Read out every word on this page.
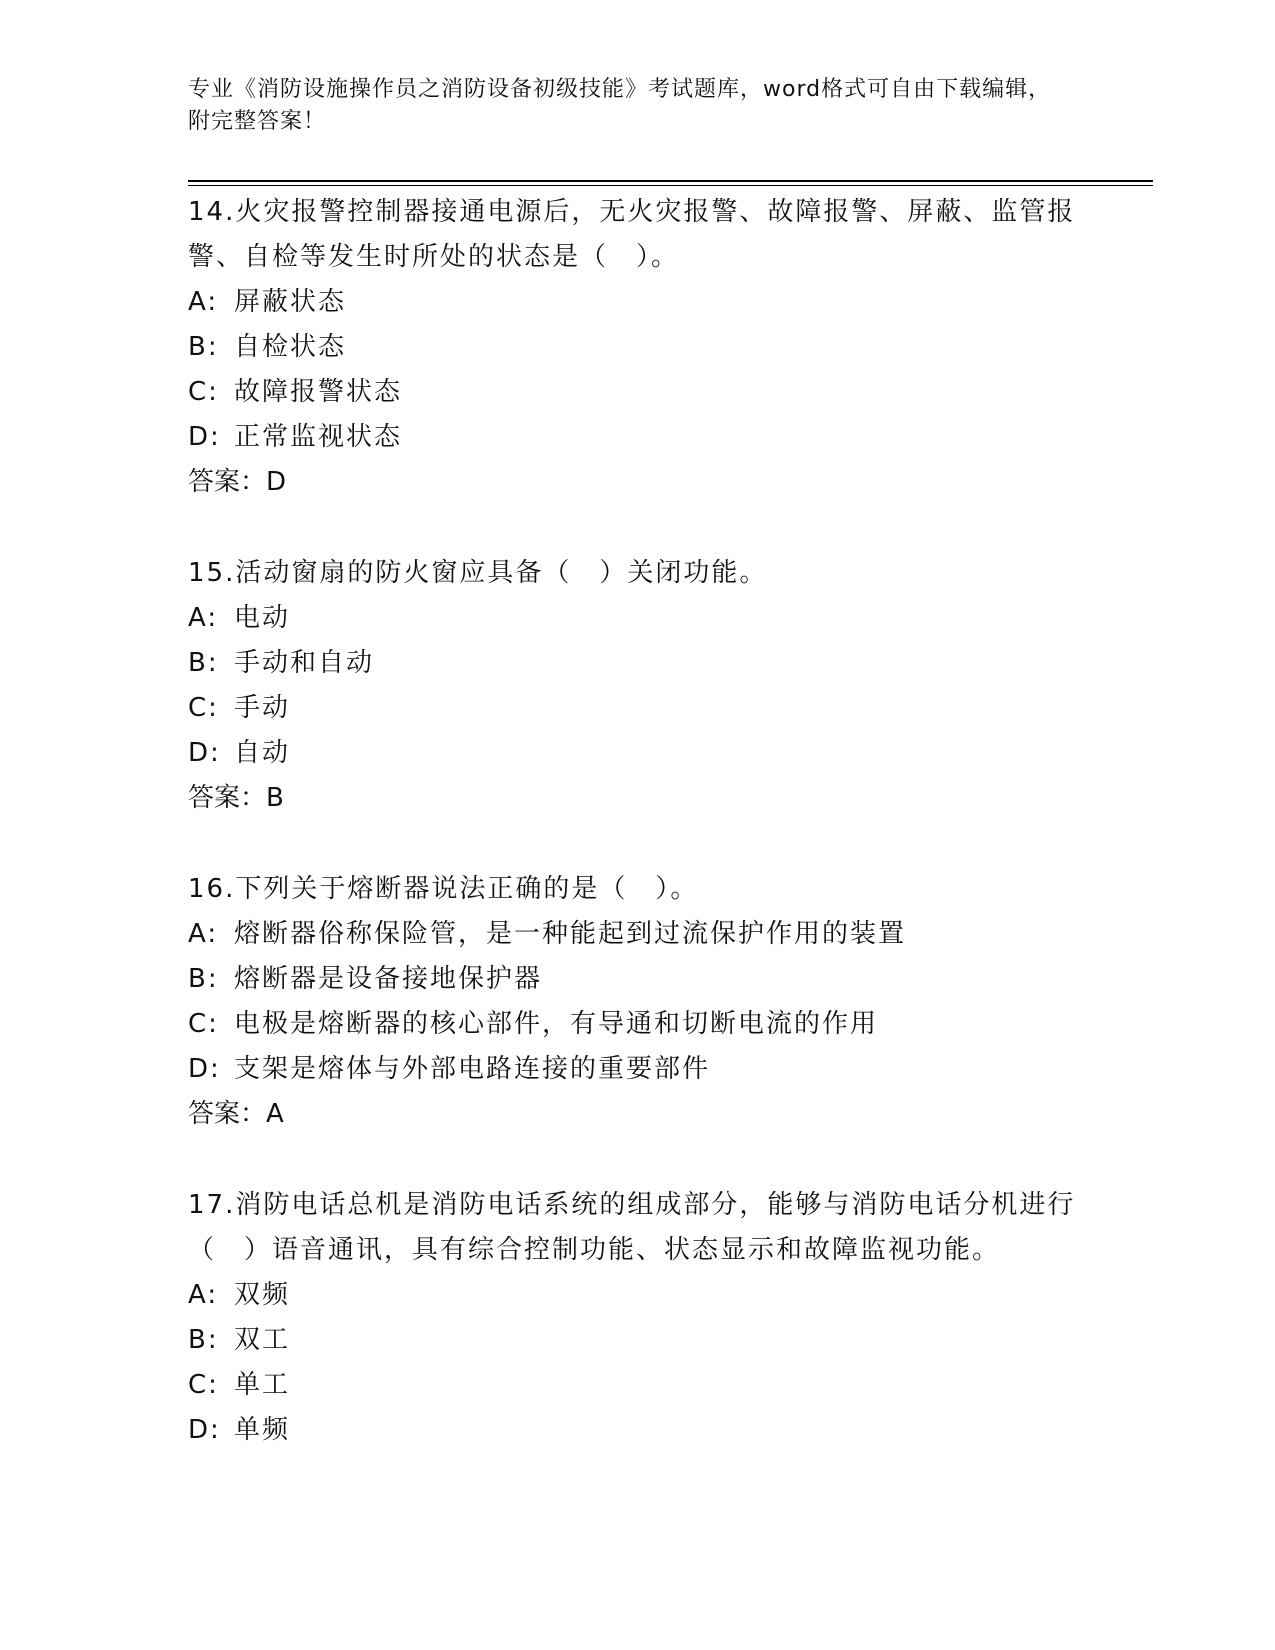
专业《消防设施操作员之消防设备初级技能》考试题库，word格式可自由下载编辑，附完整答案！
14.火灾报警控制器接通电源后，无火灾报警、故障报警、屏蔽、监管报警、自检等发生时所处的状态是（　）。
A: 屏蔽状态
B: 自检状态
C: 故障报警状态
D: 正常监视状态
答案：D
15.活动窗扇的防火窗应具备（　）关闭功能。
A: 电动
B: 手动和自动
C: 手动
D: 自动
答案：B
16.下列关于熔断器说法正确的是（　）。
A: 熔断器俗称保险管，是一种能起到过流保护作用的装置
B: 熔断器是设备接地保护器
C: 电极是熔断器的核心部件，有导通和切断电流的作用
D: 支架是熔体与外部电路连接的重要部件
答案：A
17.消防电话总机是消防电话系统的组成部分，能够与消防电话分机进行（　）语音通讯，具有综合控制功能、状态显示和故障监视功能。
A: 双频
B: 双工
C: 单工
D: 单频
